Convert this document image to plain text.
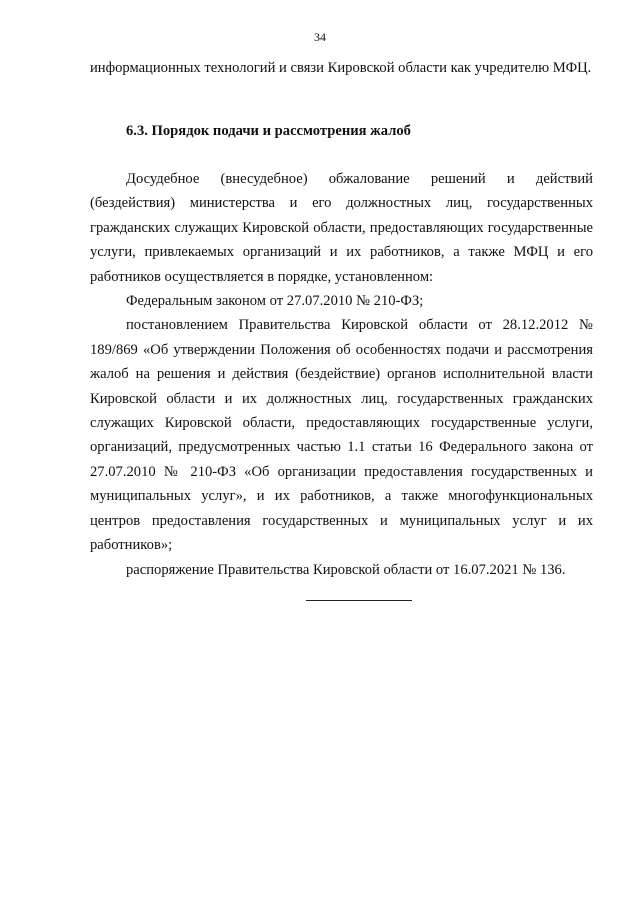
34

информационных технологий и связи Кировской области как учредителю МФЦ.

6.3. Порядок подачи и рассмотрения жалоб

Досудебное (внесудебное) обжалование решений и действий (бездействия) министерства и его должностных лиц, государственных гражданских служащих Кировской области, предоставляющих государственные услуги, привлекаемых организаций и их работников, а также МФЦ и его работников осуществляется в порядке, установленном:

Федеральным законом от 27.07.2010 № 210-ФЗ;

постановлением Правительства Кировской области от 28.12.2012 № 189/869 «Об утверждении Положения об особенностях подачи и рассмотрения жалоб на решения и действия (бездействие) органов исполнительной власти Кировской области и их должностных лиц, государственных гражданских служащих Кировской области, предоставляющих государственные услуги, организаций, предусмотренных частью 1.1 статьи 16 Федерального закона от 27.07.2010 № 210-ФЗ «Об организации предоставления государственных и муниципальных услуг», и их работников, а также многофункциональных центров предоставления государственных и муниципальных услуг и их работников»;

распоряжение Правительства Кировской области от 16.07.2021 № 136.
